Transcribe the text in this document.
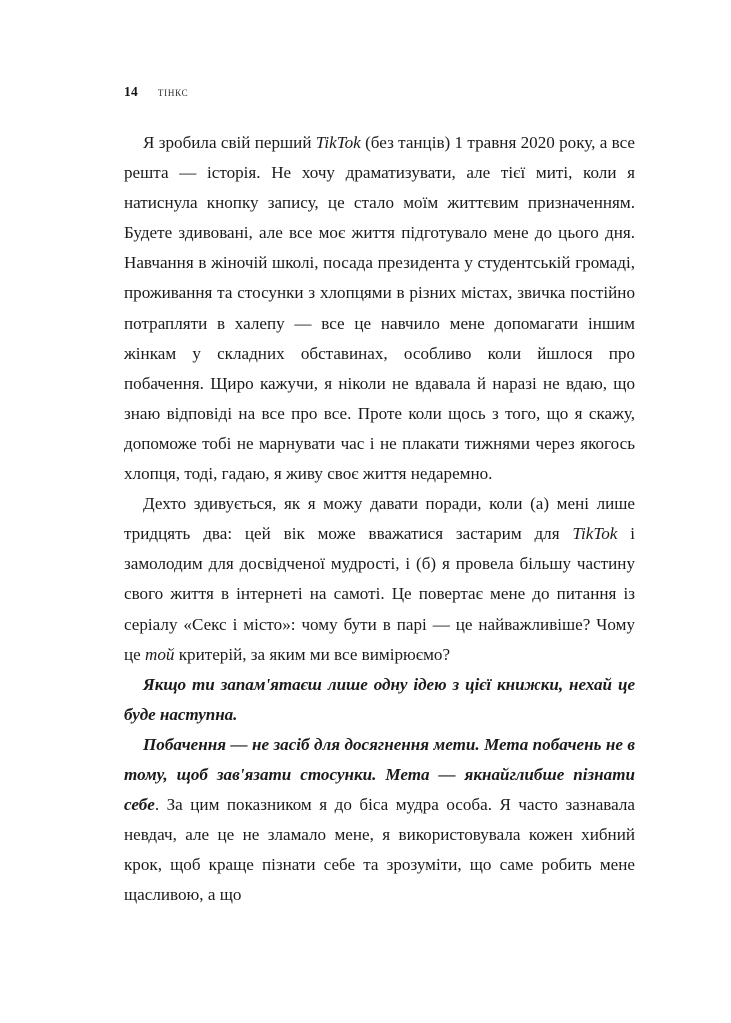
14 тінкс

Я зробила свій перший TikTok (без танців) 1 травня 2020 року, а все решта — історія. Не хочу драматизувати, але тієї миті, коли я натиснула кнопку запису, це стало моїм життєвим призначенням. Будете здивовані, але все моє життя підготувало мене до цього дня. Навчання в жіночій школі, посада президента у студентській громаді, проживання та стосунки з хлопцями в різних містах, звичка постійно потрапляти в халепу — все це навчило мене допомагати іншим жінкам у складних обставинах, особливо коли йшлося про побачення. Щиро кажучи, я ніколи не вдавала й наразі не вдаю, що знаю відповіді на все про все. Проте коли щось з того, що я скажу, допоможе тобі не марнувати час і не плакати тижнями через якогось хлопця, тоді, гадаю, я живу своє життя недаремно.

Дехто здивується, як я можу давати поради, коли (а) мені лише тридцять два: цей вік може вважатися застарим для TikTok і замолодим для досвідченої мудрості, і (б) я провела більшу частину свого життя в інтернеті на самоті. Це повертає мене до питання із серіалу «Секс і місто»: чому бути в парі — це найважливіше? Чому це той критерій, за яким ми все вимірюємо?

Якщо ти запам'ятаєш лише одну ідею з цієї книжки, нехай це буде наступна.

Побачення — не засіб для досягнення мети. Мета побачень не в тому, щоб зав'язати стосунки. Мета — якнайглибше пізнати себе. За цим показником я до біса мудра особа. Я часто зазнавала невдач, але це не зламало мене, я використовувала кожен хибний крок, щоб краще пізнати себе та зрозуміти, що саме робить мене щасливою, а що
